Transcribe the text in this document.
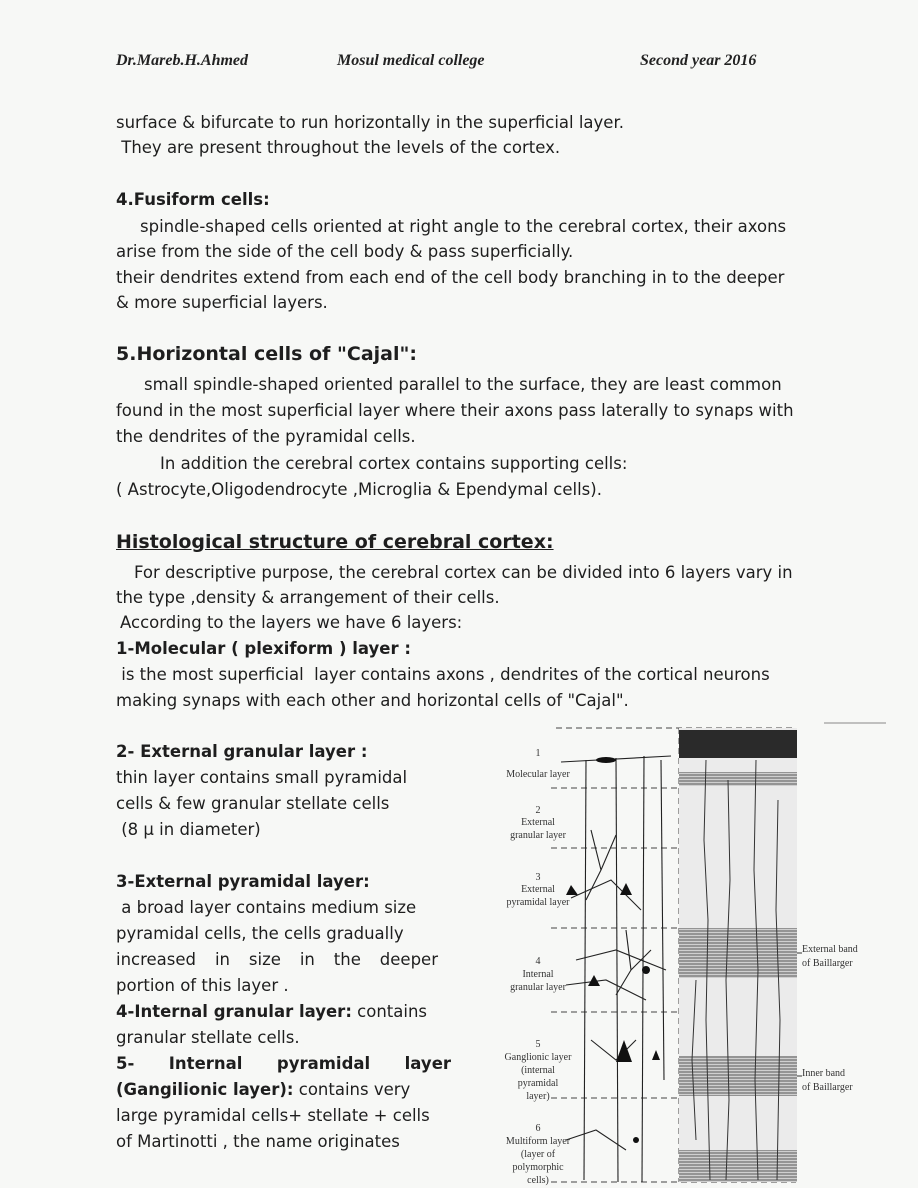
Dr.Mareb.H.Ahmed	Mosul medical college	Second year 2016

surface & bifurcate to run horizontally in the superficial layer.

They are present throughout the levels of the cortex.

4.Fusiform cells:

spindle-shaped cells oriented at right angle to the cerebral cortex, their axons

arise from the side of the cell body & pass superficially.

their dendrites extend from each end of the cell body branching in to the deeper

& more superficial layers.

5.Horizontal cells of "Cajal":

small spindle-shaped oriented parallel to the surface, they are least common

found in the most superficial layer where their axons pass laterally to synaps with

the dendrites of the pyramidal cells.

In addition the cerebral cortex contains supporting cells:

( Astrocyte,Oligodendrocyte ,Microglia & Ependymal cells).

Histological structure of cerebral cortex:

For descriptive purpose, the cerebral cortex can be divided into 6 layers vary in

the type ,density & arrangement of their cells.

According to the layers we have 6 layers:

1-Molecular ( plexiform ) layer :

is the most superficial  layer contains axons , dendrites of the cortical neurons

making synaps with each other and horizontal cells of "Cajal".

2- External granular layer :
thin layer contains small pyramidal
cells & few granular stellate cells
(8 µ in diameter)
3-External pyramidal layer:
a broad layer contains medium size
pyramidal cells, the cells gradually
increased in size in the deeper
portion of this layer .
4-Internal granular layer: contains
granular stellate cells.
5-      Internal      pyramidal      layer
(Gangilionic layer): contains very
large pyramidal cells+ stellate + cells
of Martinotti , the name originates
1
Molecular layer
2
External
granular layer
3
External
pyramidal layer
4
Internal
granular layer
5
Ganglionic layer
(internal
pyramidal
layer)
6
Multiform layer
(layer of
polymorphic
cells)
External band
of Baillarger
Inner band
of Baillarger
